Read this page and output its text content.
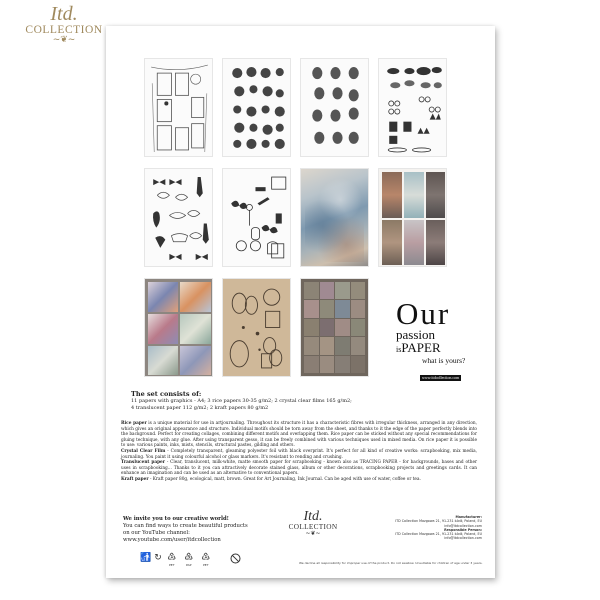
Itd.
COLLECTION
~❦~
Our
passion
isPAPER
what is yours?
www.itdcollection.com
The set consists of:
11 papers with graphics - A4; 3 rice papers 30-35 g/m2; 2 crystal clear films 165 g/m2;
4 translucent paper 112 g/m2; 2 kraft papers 80 g/m2

Rice paper is a unique material for use in artjournaling. Throughout its structure it has a characteristic fibres with irregular thickness, arranged in any direction, which gives an original appearance and structure. Individual motifs should be torn away from the sheet, and thanks to it the edge of the paper perfectly blends into the background. Perfect for creating collages, combining different motifs and overlapping them. Rice paper can be sticked without any special recommendations for gluing technique, with any glue. After using transparent gesso, it can be freely combined with various techniques used in mixed media. On rice paper it is possible to use: various paints, inks, mists, stencils, structural pastes, gilding and others.

Crystal Clear Film - Completely transparent, gleaming polyester foil with black overprint. It's perfect for all kind of creative works: scrapbooking, mix media, journaling. You paint it using colourful alcohol or glass markers. It's resistant to rending and crushing.

Translucent paper - Clear, translucent, milk-white, matte smooth paper for scrapbooking - known also as TRACING PAPER - for backgrounds, bases and other uses in scrapbooking... Thanks to it you can attractively decorate stained glass, album or other decorations, scrapbooking projects and greetings cards. It can enhance an imagination and can be used as an alternative to conventional papers.

Kraft paper - Kraft paper 80g, ecological, matt, brown. Great for Art Journaling, Ink Journal. Can be aged with use of water, coffee or tea.

We invite you to our creative world!
You can find ways to create beautiful products
on our YouTube channel:
www.youtube.com/user/itdcollection
Itd.
COLLECTION
~❦~
Manufacturer:
ITD Collection Mazgowa 21, 91-231 Łódź, Poland, EU
info@itdcollection.com
Responsible Person:
ITD Collection Mazgowa 21, 91-231 Łódź, Poland, EU
info@itdcollection.com
🚮 ↻ ♳
PET
♷
PAP
♳
PET	We decline all responsibility for improper use of the product. Do not swallow. Unsuitable for children of age under 3 years.
